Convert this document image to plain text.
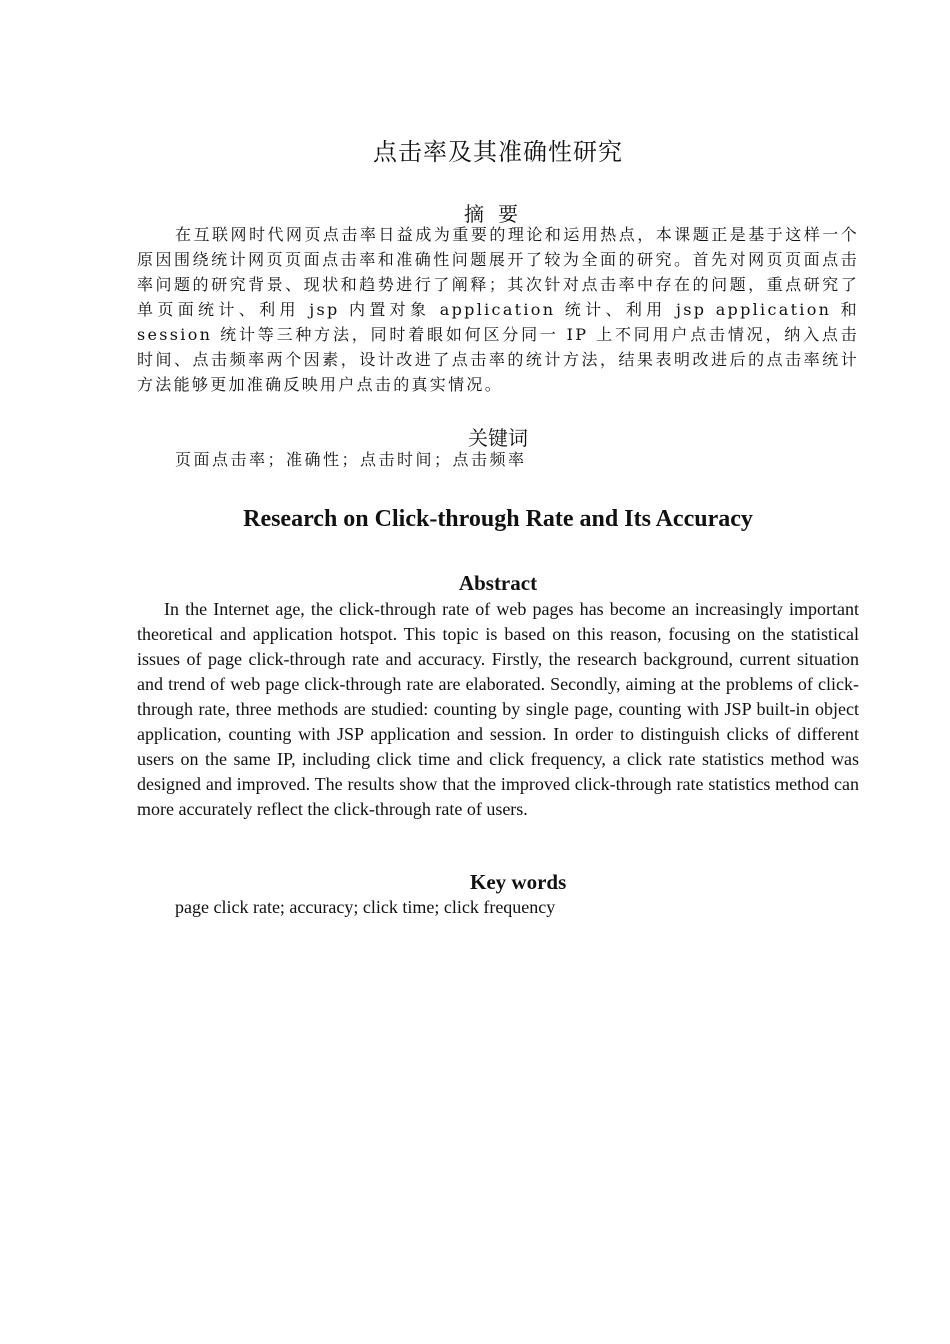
点击率及其准确性研究
摘要

在互联网时代网页点击率日益成为重要的理论和运用热点，本课题正是基于这样一个原因围绕统计网页页面点击率和准确性问题展开了较为全面的研究。首先对网页页面点击率问题的研究背景、现状和趋势进行了阐释；其次针对点击率中存在的问题，重点研究了单页面统计、利用 jsp 内置对象 application 统计、利用 jsp application 和 session 统计等三种方法，同时着眼如何区分同一 IP 上不同用户点击情况，纳入点击时间、点击频率两个因素，设计改进了点击率的统计方法，结果表明改进后的点击率统计方法能够更加准确反映用户点击的真实情况。

关键词
页面点击率；准确性；点击时间；点击频率
Research on Click-through Rate and Its Accuracy
Abstract

In the Internet age, the click-through rate of web pages has become an increasingly important theoretical and application hotspot. This topic is based on this reason, focusing on the statistical issues of page click-through rate and accuracy. Firstly, the research background, current situation and trend of web page click-through rate are elaborated. Secondly, aiming at the problems of click-through rate, three methods are studied: counting by single page, counting with JSP built-in object application, counting with JSP application and session. In order to distinguish clicks of different users on the same IP, including click time and click frequency, a click rate statistics method was designed and improved. The results show that the improved click-through rate statistics method can more accurately reflect the click-through rate of users.

Key words
page click rate; accuracy; click time; click frequency
